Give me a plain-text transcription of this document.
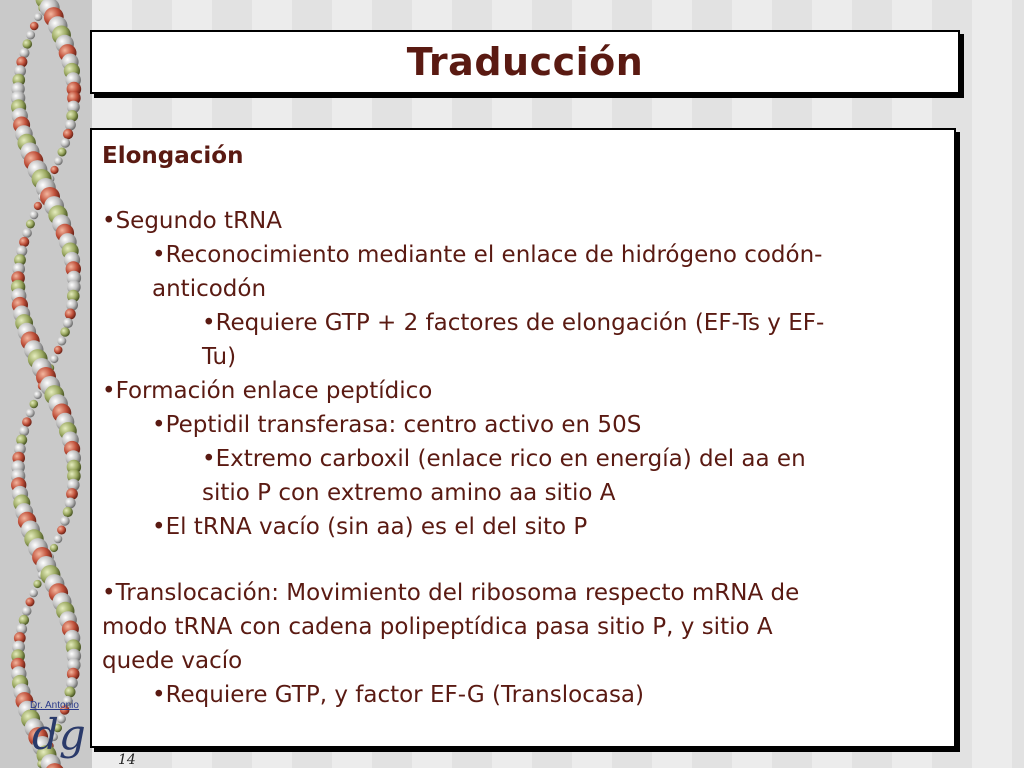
Traducción

Elongación

•Segundo tRNA

•Reconocimiento mediante el enlace de hidrógeno codón-

anticodón

•Requiere GTP + 2 factores de elongación (EF-Ts y EF-

Tu)

•Formación enlace peptídico

•Peptidil transferasa: centro activo en 50S

•Extremo carboxil (enlace rico en energía) del aa en

sitio P con extremo amino aa sitio A

•El tRNA vacío (sin aa) es el del sito P

•Translocación: Movimiento del ribosoma respecto mRNA de

modo tRNA con cadena polipeptídica pasa sitio P, y sitio A

quede vacío

•Requiere GTP, y factor EF-G (Translocasa)

Dr. Antonio
dg
14
